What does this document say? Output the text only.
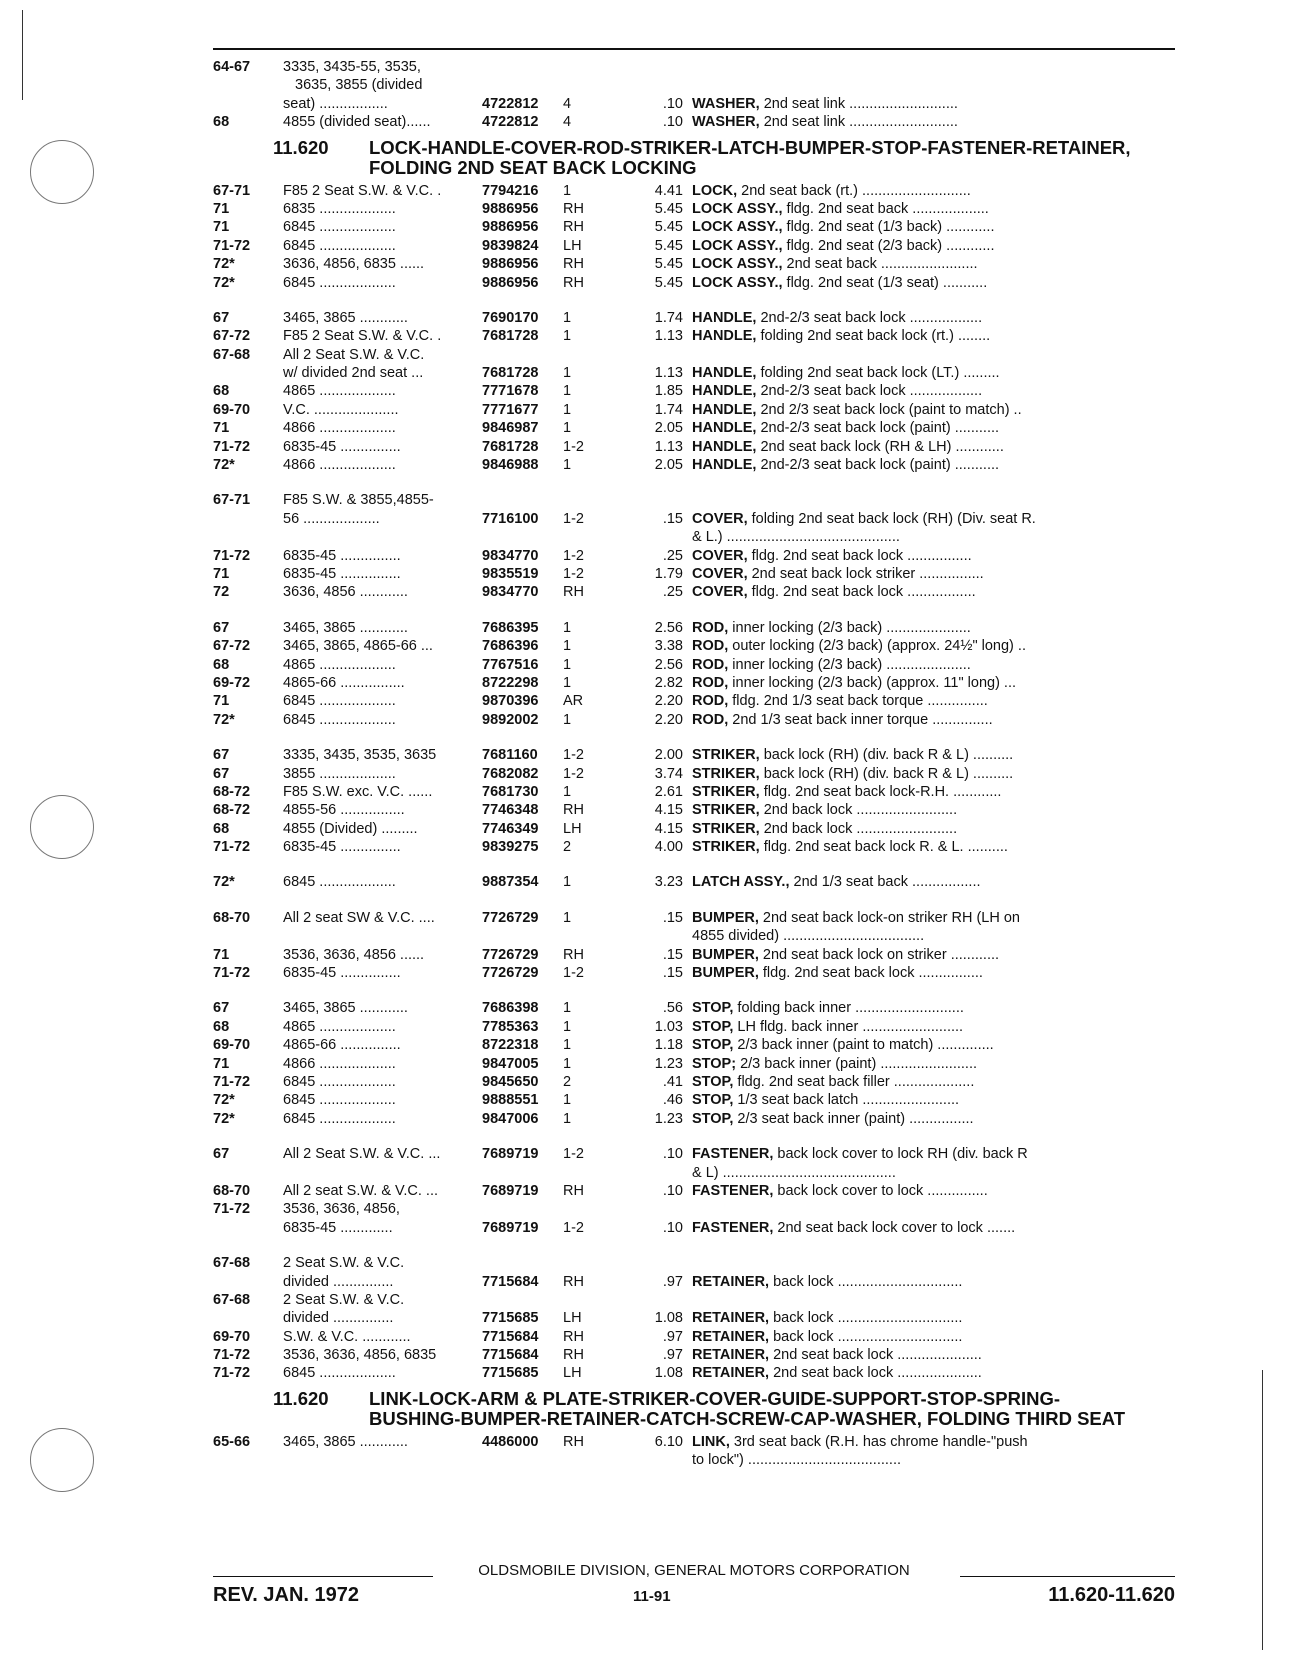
64-67	3335, 3435-55, 3535,
3635, 3855 (divided
seat) .................	4722812	4	.10 WASHER, 2nd seat link ...........................
68	4855 (divided seat)......	4722812	4	.10 WASHER, 2nd seat link ...........................
11.620 LOCK-HANDLE-COVER-ROD-STRIKER-LATCH-BUMPER-STOP-FASTENER-RETAINER, FOLDING 2ND SEAT BACK LOCKING
67-71	F85 2 Seat S.W. & V.C. .	7794216	1	4.41 LOCK, 2nd seat back (rt.) ...........................
71	6835 ...................	9886956	RH	5.45 LOCK ASSY., fldg. 2nd seat back ...................
71	6845 ...................	9886956	RH	5.45 LOCK ASSY., fldg. 2nd seat (1/3 back) ............
71-72	6845 ...................	9839824	LH	5.45 LOCK ASSY., fldg. 2nd seat (2/3 back) ............
72*	3636, 4856, 6835 ......	9886956	RH	5.45 LOCK ASSY., 2nd seat back ........................
72*	6845 ...................	9886956	RH	5.45 LOCK ASSY., fldg. 2nd seat (1/3 seat) ...........
67	3465, 3865 ............	7690170	1	1.74 HANDLE, 2nd-2/3 seat back lock ..................
67-72	F85 2 Seat S.W. & V.C. .	7681728	1	1.13 HANDLE, folding 2nd seat back lock (rt.) ........
67-68	All 2 Seat S.W. & V.C.
w/ divided 2nd seat ...	7681728	1	1.13 HANDLE, folding 2nd seat back lock (LT.) .........
68	4865 ...................	7771678	1	1.85 HANDLE, 2nd-2/3 seat back lock ..................
69-70	V.C. .....................	7771677	1	1.74 HANDLE, 2nd 2/3 seat back lock (paint to match) ..
71	4866 ...................	9846987	1	2.05 HANDLE, 2nd-2/3 seat back lock (paint) ...........
71-72	6835-45 ...............	7681728	1-2	1.13 HANDLE, 2nd seat back lock (RH & LH) ............
72*	4866 ...................	9846988	1	2.05 HANDLE, 2nd-2/3 seat back lock (paint) ...........
67-71	F85 S.W. & 3855,4855-
56 ...................	7716100	1-2	.15 COVER, folding 2nd seat back lock (RH) (Div. seat R.
& L.) ...........................................
71-72	6835-45 ...............	9834770	1-2	.25 COVER, fldg. 2nd seat back lock ................
71	6835-45 ...............	9835519	1-2	1.79 COVER, 2nd seat back lock striker ................
72	3636, 4856 ............	9834770	RH	.25 COVER, fldg. 2nd seat back lock .................
67	3465, 3865 ............	7686395	1	2.56 ROD, inner locking (2/3 back) .....................
67-72	3465, 3865, 4865-66 ...	7686396	1	3.38 ROD, outer locking (2/3 back) (approx. 24½" long) ..
68	4865 ...................	7767516	1	2.56 ROD, inner locking (2/3 back) .....................
69-72	4865-66 ................	8722298	1	2.82 ROD, inner locking (2/3 back) (approx. 11" long) ...
71	6845 ...................	9870396	AR	2.20 ROD, fldg. 2nd 1/3 seat back torque ...............
72*	6845 ...................	9892002	1	2.20 ROD, 2nd 1/3 seat back inner torque ...............
67	3335, 3435, 3535, 3635	7681160	1-2	2.00 STRIKER, back lock (RH) (div. back R & L) ..........
67	3855 ...................	7682082	1-2	3.74 STRIKER, back lock (RH) (div. back R & L) ..........
68-72	F85 S.W. exc. V.C. ......	7681730	1	2.61 STRIKER, fldg. 2nd seat back lock-R.H. ............
68-72	4855-56 ................	7746348	RH	4.15 STRIKER, 2nd back lock .........................
68	4855 (Divided) .........	7746349	LH	4.15 STRIKER, 2nd back lock .........................
71-72	6835-45 ...............	9839275	2	4.00 STRIKER, fldg. 2nd seat back lock R. & L. ..........
72*	6845 ...................	9887354	1	3.23 LATCH ASSY., 2nd 1/3 seat back .................
68-70	All 2 seat SW & V.C. ....	7726729	1	.15 BUMPER, 2nd seat back lock-on striker RH (LH on
4855 divided) ...................................
71	3536, 3636, 4856 ......	7726729	RH	.15 BUMPER, 2nd seat back lock on striker ............
71-72	6835-45 ...............	7726729	1-2	.15 BUMPER, fldg. 2nd seat back lock ................
67	3465, 3865 ............	7686398	1	.56 STOP, folding back inner ...........................
68	4865 ...................	7785363	1	1.03 STOP, LH fldg. back inner .........................
69-70	4865-66 ...............	8722318	1	1.18 STOP, 2/3 back inner (paint to match) ..............
71	4866 ...................	9847005	1	1.23 STOP; 2/3 back inner (paint) ........................
71-72	6845 ...................	9845650	2	.41 STOP, fldg. 2nd seat back filler ....................
72*	6845 ...................	9888551	1	.46 STOP, 1/3 seat back latch ........................
72*	6845 ...................	9847006	1	1.23 STOP, 2/3 seat back inner (paint) ................
67	All 2 Seat S.W. & V.C. ...	7689719	1-2	.10 FASTENER, back lock cover to lock RH (div. back R
& L) ...........................................
68-70	All 2 seat S.W. & V.C. ...	7689719	RH	.10 FASTENER, back lock cover to lock ...............
71-72	3536, 3636, 4856,
6835-45 .............	7689719	1-2	.10 FASTENER, 2nd seat back lock cover to lock .......
67-68	2 Seat S.W. & V.C.
divided ...............	7715684	RH	.97 RETAINER, back lock ...............................
67-68	2 Seat S.W. & V.C.
divided ...............	7715685	LH	1.08 RETAINER, back lock ...............................
69-70	S.W. & V.C. ............	7715684	RH	.97 RETAINER, back lock ...............................
71-72	3536, 3636, 4856, 6835	7715684	RH	.97 RETAINER, 2nd seat back lock .....................
71-72	6845 ...................	7715685	LH	1.08 RETAINER, 2nd seat back lock .....................
11.620 LINK-LOCK-ARM & PLATE-STRIKER-COVER-GUIDE-SUPPORT-STOP-SPRING-BUSHING-BUMPER-RETAINER-CATCH-SCREW-CAP-WASHER, FOLDING THIRD SEAT
65-66	3465, 3865 ............	4486000	RH	6.10 LINK, 3rd seat back (R.H. has chrome handle-"push
to lock") ......................................
OLDSMOBILE DIVISION, GENERAL MOTORS CORPORATION
REV. JAN. 1972	11-91	11.620-11.620
